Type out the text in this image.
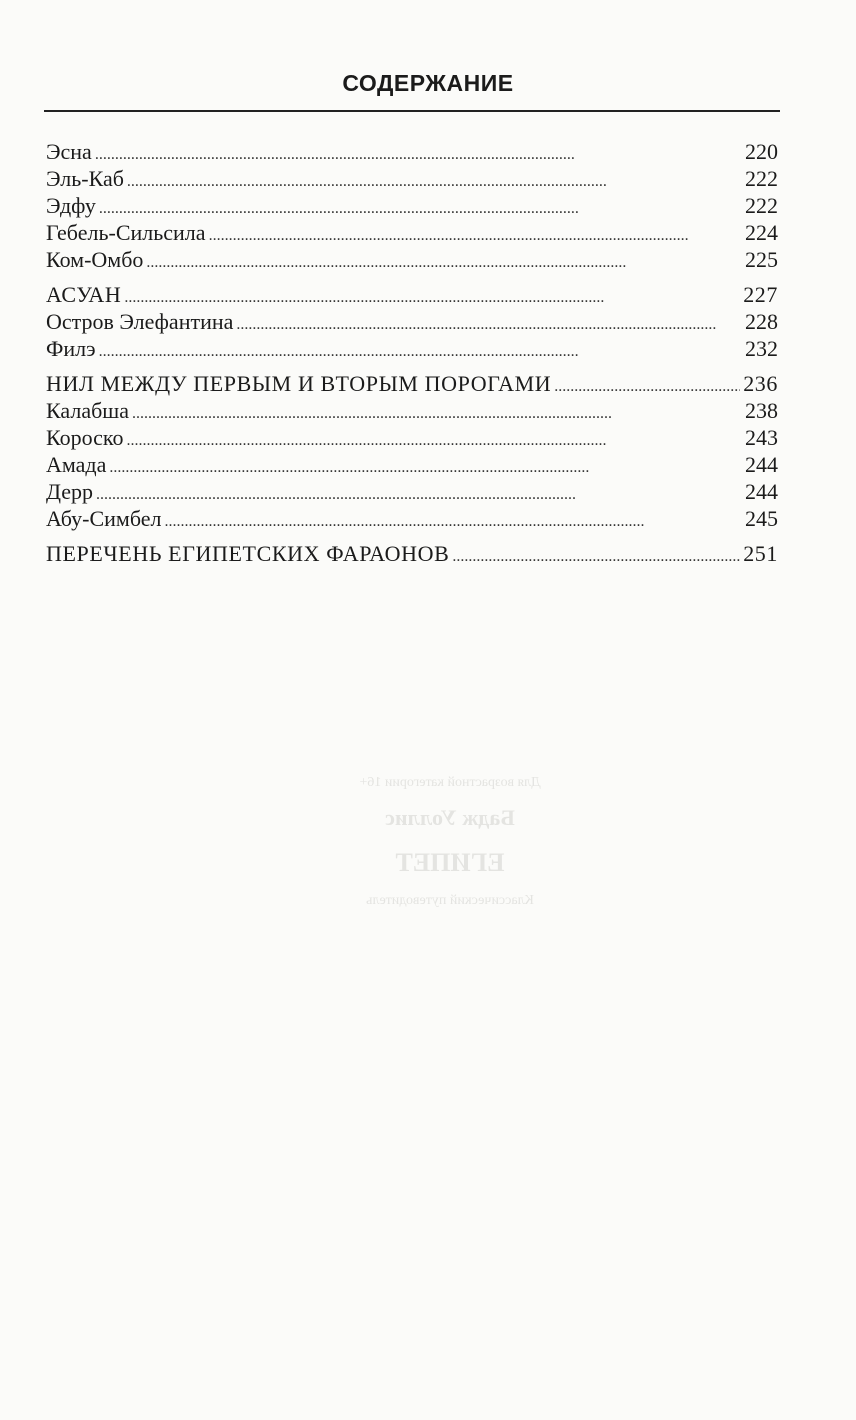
СОДЕРЖАНИЕ
Эсна . . .	220
Эль-Каб . . .	222
Эдфу . . .	222
Гебель-Сильсила . . .	224
Ком-Омбо . . .	225
АСУАН . . .	227
Остров Элефантина . . .	228
Филэ . . .	232
НИЛ МЕЖДУ ПЕРВЫМ И ВТОРЫМ ПОРОГАМИ . . .	236
Калабша . . .	238
Короско . . .	243
Амада . . .	244
Дерр . . .	244
Абу-Симбел . . .	245
ПЕРЕЧЕНЬ ЕГИПЕТСКИХ ФАРАОНОВ . . .	251
Для возрастной категории 16+
Бадж Уоллис
ЕГИПЕТ
Классический путеводитель
